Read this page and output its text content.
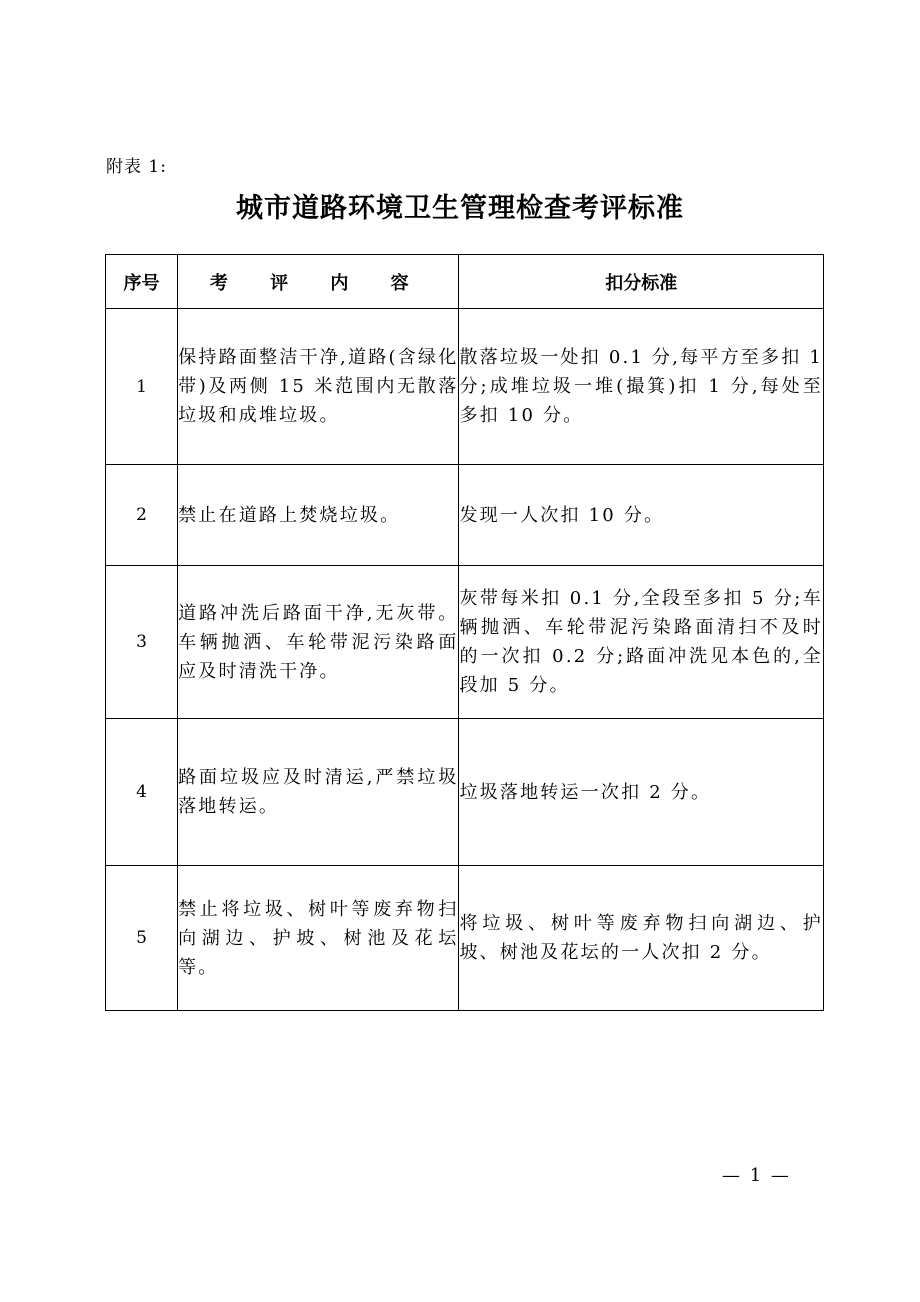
附表 1:
城市道路环境卫生管理检查考评标准
序号	考 评 内 容	扣分标准
1	保持路面整洁干净,道路(含绿化带)及两侧 15 米范围内无散落垃圾和成堆垃圾。	散落垃圾一处扣 0.1 分,每平方至多扣 1 分;成堆垃圾一堆(撮箕)扣 1 分,每处至多扣 10 分。
2	禁止在道路上焚烧垃圾。	发现一人次扣 10 分。
3	道路冲洗后路面干净,无灰带。车辆抛洒、车轮带泥污染路面应及时清洗干净。	灰带每米扣 0.1 分,全段至多扣 5 分;车辆抛洒、车轮带泥污染路面清扫不及时的一次扣 0.2 分;路面冲洗见本色的,全段加 5 分。
4	路面垃圾应及时清运,严禁垃圾落地转运。	垃圾落地转运一次扣 2 分。
5	禁止将垃圾、树叶等废弃物扫向湖边、护坡、树池及花坛等。	将垃圾、树叶等废弃物扫向湖边、护坡、树池及花坛的一人次扣 2 分。
— 1 —
